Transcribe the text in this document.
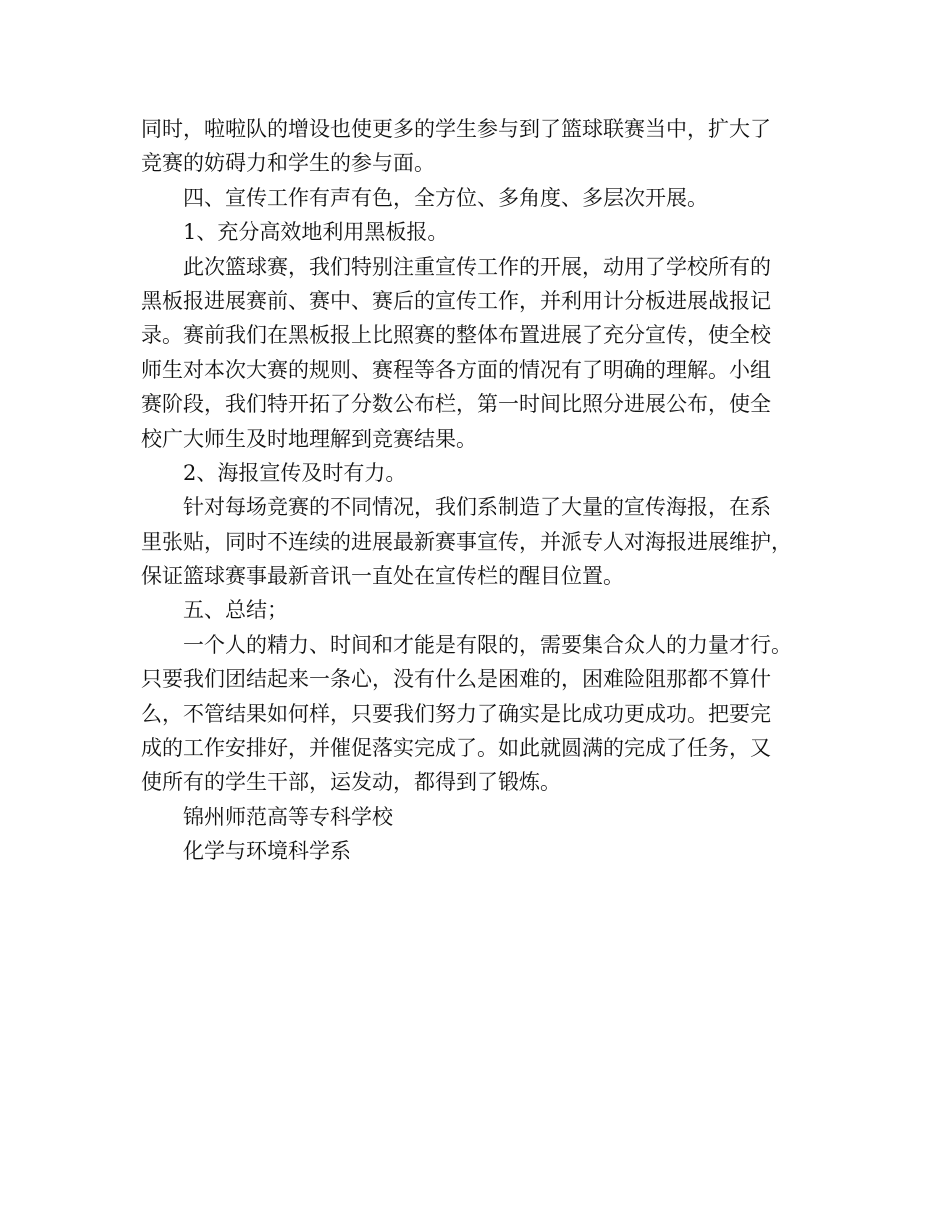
同时，啦啦队的增设也使更多的学生参与到了篮球联赛当中，扩大了
竞赛的妨碍力和学生的参与面。
四、宣传工作有声有色，全方位、多角度、多层次开展。
1、充分高效地利用黑板报。
此次篮球赛，我们特别注重宣传工作的开展，动用了学校所有的
黑板报进展赛前、赛中、赛后的宣传工作，并利用计分板进展战报记
录。赛前我们在黑板报上比照赛的整体布置进展了充分宣传，使全校
师生对本次大赛的规则、赛程等各方面的情况有了明确的理解。小组
赛阶段，我们特开拓了分数公布栏，第一时间比照分进展公布，使全
校广大师生及时地理解到竞赛结果。
2、海报宣传及时有力。
针对每场竞赛的不同情况，我们系制造了大量的宣传海报，在系
里张贴，同时不连续的进展最新赛事宣传，并派专人对海报进展维护，
保证篮球赛事最新音讯一直处在宣传栏的醒目位置。
五、总结；
一个人的精力、时间和才能是有限的，需要集合众人的力量才行。
只要我们团结起来一条心，没有什么是困难的，困难险阻那都不算什
么，不管结果如何样，只要我们努力了确实是比成功更成功。把要完
成的工作安排好，并催促落实完成了。如此就圆满的完成了任务，又
使所有的学生干部，运发动，都得到了锻炼。
锦州师范高等专科学校
化学与环境科学系
